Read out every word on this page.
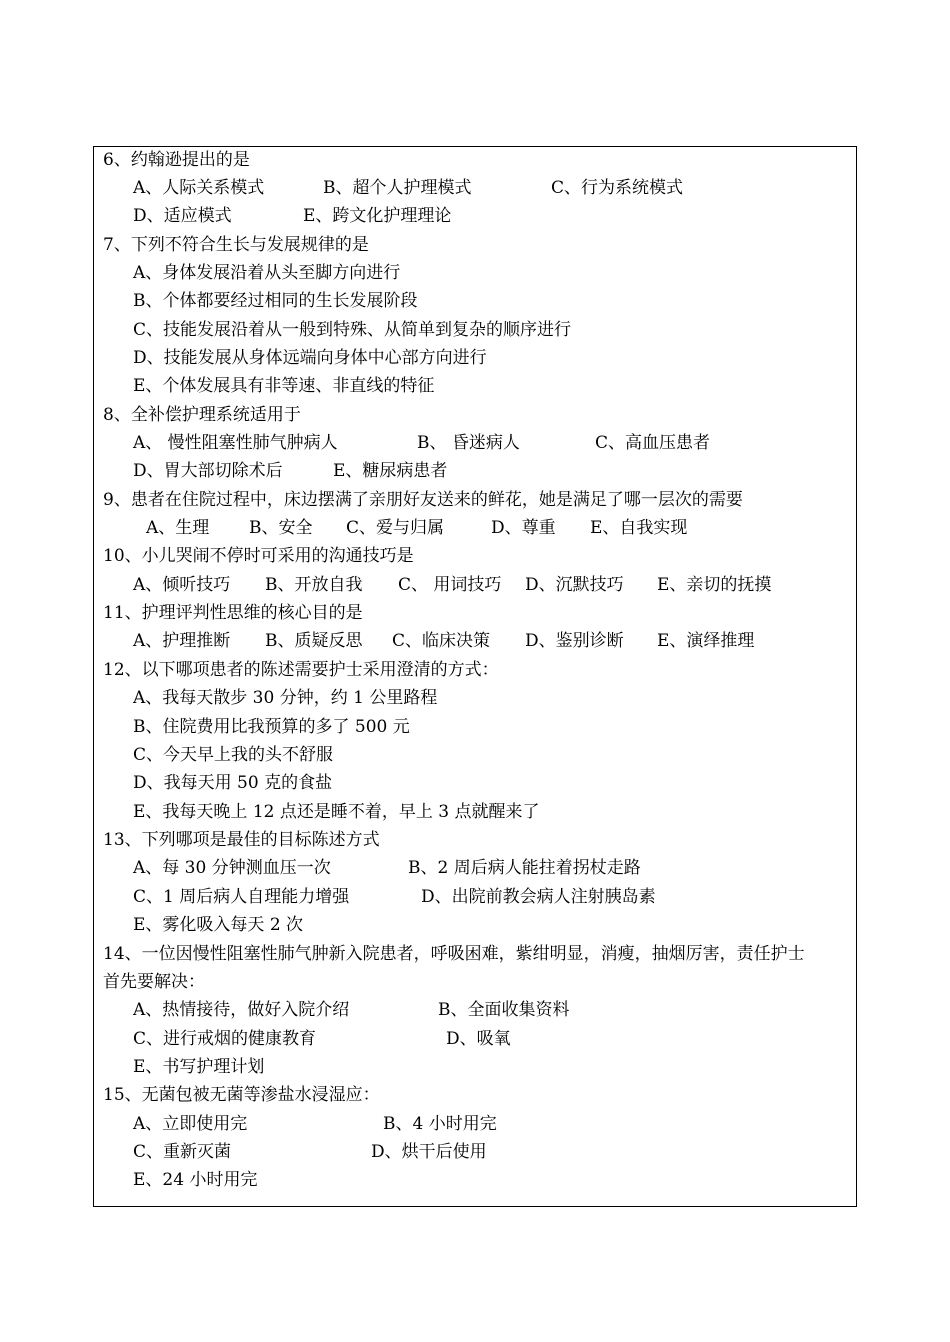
6、约翰逊提出的是
A、人际关系模式	B、超个人护理模式	C、行为系统模式
D、适应模式	E、跨文化护理理论
7、下列不符合生长与发展规律的是
A、身体发展沿着从头至脚方向进行
B、个体都要经过相同的生长发展阶段
C、技能发展沿着从一般到特殊、从简单到复杂的顺序进行
D、技能发展从身体远端向身体中心部方向进行
E、个体发展具有非等速、非直线的特征
8、全补偿护理系统适用于
A、 慢性阻塞性肺气肿病人	B、 昏迷病人	C、高血压患者
D、胃大部切除术后	E、糖尿病患者
9、患者在住院过程中，床边摆满了亲朋好友送来的鲜花，她是满足了哪一层次的需要
A、生理 B、安全 C、爱与归属	D、尊重 E、自我实现
10、小儿哭闹不停时可采用的沟通技巧是
A、倾听技巧 B、开放自我 C、 用词技巧 D、沉默技巧 E、亲切的抚摸
11、护理评判性思维的核心目的是
A、护理推断 B、质疑反思 C、临床决策 D、鉴别诊断 E、演绎推理
12、以下哪项患者的陈述需要护士采用澄清的方式：
A、我每天散步 30 分钟，约 1 公里路程
B、住院费用比我预算的多了 500 元
C、今天早上我的头不舒服
D、我每天用 50 克的食盐
E、我每天晚上 12 点还是睡不着，早上 3 点就醒来了
13、下列哪项是最佳的目标陈述方式
A、每 30 分钟测血压一次	B、2 周后病人能拄着拐杖走路
C、1 周后病人自理能力增强	D、出院前教会病人注射胰岛素
E、雾化吸入每天 2 次
14、一位因慢性阻塞性肺气肿新入院患者，呼吸困难，紫绀明显，消瘦，抽烟厉害，责任护士
首先要解决：
A、热情接待，做好入院介绍	B、全面收集资料
C、进行戒烟的健康教育	D、吸氧
E、书写护理计划
15、无菌包被无菌等渗盐水浸湿应：
A、立即使用完	B、4 小时用完
C、重新灭菌	D、烘干后使用
E、24 小时用完
